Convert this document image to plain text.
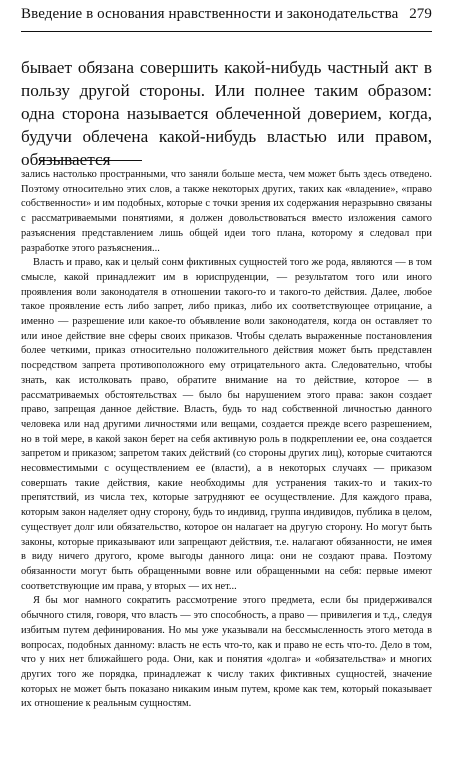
Введение в основания нравственности и законодательства 279
бывает обязана совершить какой-нибудь частный акт в пользу другой стороны. Или полнее таким образом: одна сторона называется облеченной доверием, когда, будучи облечена какой-нибудь властью или правом, обязывается

зались настолько пространными, что заняли больше места, чем может быть здесь отведено. Поэтому относительно этих слов, а также некоторых других, таких как «владение», «право собственности» и им подобных, которые с точки зрения их содержания неразрывно связаны с рассматриваемыми понятиями, я должен довольствоваться вместо изложения самого разъяснения представлением лишь общей идеи того плана, которому я следовал при разработке этого разъяснения...

Власть и право, как и целый сонм фиктивных сущностей того же рода, являются — в том смысле, какой принадлежит им в юриспруденции, — результатом того или иного проявления воли законодателя в отношении такого-то и такого-то действия. Далее, любое такое проявление есть либо запрет, либо приказ, либо их соответствующее отрицание, а именно — разрешение или какое-то объявление воли законодателя, когда он оставляет то или иное действие вне сферы своих приказов. Чтобы сделать выраженные постановления более четкими, приказ относительно положительного действия может быть представлен посредством запрета противоположного ему отрицательного акта. Следовательно, чтобы знать, как истолковать право, обратите внимание на то действие, которое — в рассматриваемых обстоятельствах — было бы нарушением этого права: закон создает право, запрещая данное действие. Власть, будь то над собственной личностью данного человека или над другими личностями или вещами, создается прежде всего разрешением, но в той мере, в какой закон берет на себя активную роль в подкреплении ее, она создается запретом и приказом; запретом таких действий (со стороны других лиц), которые считаются несовместимыми с осуществлением ее (власти), а в некоторых случаях — приказом совершать такие действия, какие необходимы для устранения таких-то и таких-то препятствий, из числа тех, которые затрудняют ее осуществление. Для каждого права, которым закон наделяет одну сторону, будь то индивид, группа индивидов, публика в целом, существует долг или обязательство, которое он налагает на другую сторону. Но могут быть законы, которые приказывают или запрещают действия, т.е. налагают обязанности, не имея в виду ничего другого, кроме выгоды данного лица: они не создают права. Поэтому обязанности могут быть обращенными вовне или обращенными на себя: первые имеют соответствующие им права, у вторых — их нет...

Я бы мог намного сократить рассмотрение этого предмета, если бы придерживался обычного стиля, говоря, что власть — это способность, а право — привилегия и т.д., следуя избитым путем дефинирования. Но мы уже указывали на бессмысленность этого метода в вопросах, подобных данному: власть не есть что-то, как и право не есть что-то. Дело в том, что у них нет ближайшего рода. Они, как и понятия «долга» и «обязательства» и многих других того же порядка, принадлежат к числу таких фиктивных сущностей, значение которых не может быть показано никаким иным путем, кроме как тем, который показывает их отношение к реальным сущностям.
